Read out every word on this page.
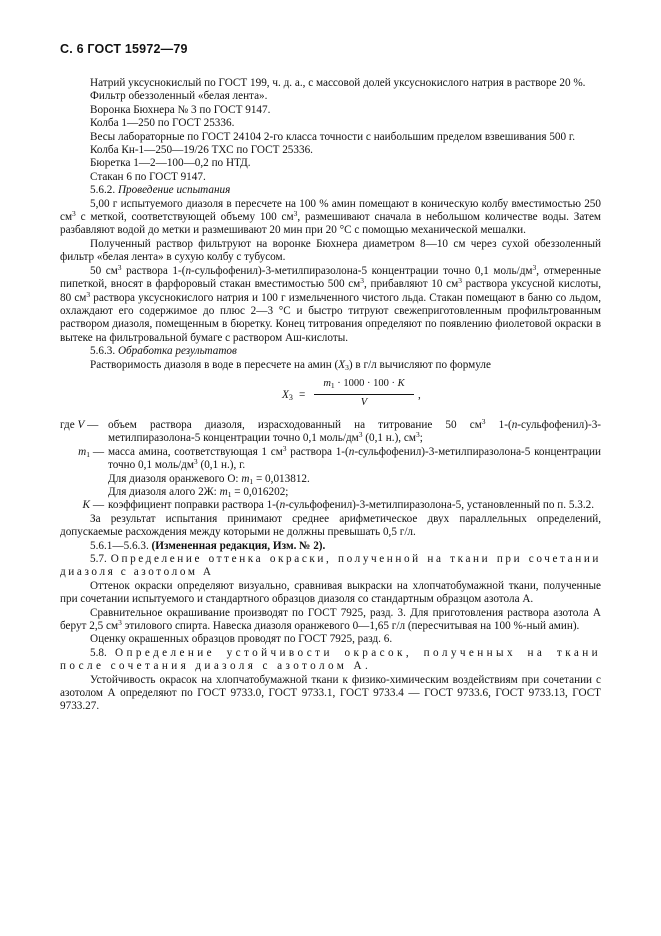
С. 6 ГОСТ 15972—79

Натрий уксуснокислый по ГОСТ 199, ч. д. а., с массовой долей уксуснокислого натрия в растворе 20 %.

Фильтр обеззоленный «белая лента».

Воронка Бюхнера № 3 по ГОСТ 9147.

Колба 1—250 по ГОСТ 25336.

Весы лабораторные по ГОСТ 24104 2-го класса точности с наибольшим пределом взвешивания 500 г.

Колба Кн-1—250—19/26 ТХС по ГОСТ 25336.

Бюретка 1—2—100—0,2 по НТД.

Стакан 6 по ГОСТ 9147.

5.6.2. Проведение испытания

5,00 г испытуемого диазоля в пересчете на 100 % амин помещают в коническую колбу вместимостью 250 $см^3$ с меткой, соответствующей объему 100 $см^3$, размешивают сначала в небольшом количестве воды. Затем разбавляют водой до метки и размешивают 20 мин при 20 °С с помощью механической мешалки.

Полученный раствор фильтруют на воронке Бюхнера диаметром 8—10 см через сухой обеззоленный фильтр «белая лента» в сухую колбу с тубусом.

50 $см^3$ раствора 1-(п-сульфофенил)-3-метилпиразолона-5 концентрации точно 0,1 моль/$дм^3$, отмеренные пипеткой, вносят в фарфоровый стакан вместимостью 500 $см^3$, прибавляют 10 $см^3$ раствора уксусной кислоты, 80 $см^3$ раствора уксуснокислого натрия и 100 г измельченного чистого льда. Стакан помещают в баню со льдом, охлаждают его содержимое до плюс 2—3 °С и быстро титруют свежеприготовленным профильтрованным раствором диазоля, помещенным в бюретку. Конец титрования определяют по появлению фиолетовой окраски в вытеке на фильтровальной бумаге с раствором Аш-кислоты.

5.6.3. Обработка результатов

Растворимость диазоля в воде в пересчете на амин $(X_3)$ в г/л вычисляют по формуле

$X_3$ =
$m_1 \cdot 1000 \cdot 100 \cdot K$
V
,
где V — объем раствора диазоля, израсходованный на титрование 50 $см^3$ 1-(п-сульфофенил)-3-метилпиразолона-5 концентрации точно 0,1 моль/$дм^3$ (0,1 н.), $см^3$;
$m_1$ — масса амина, соответствующая 1 $см^3$ раствора 1-(п-сульфофенил)-3-метилпиразолона-5 концентрации точно 0,1 моль/$дм^3$ (0,1 н.), г.
Для диазоля оранжевого О: $m_1 = 0,013812$.
Для диазоля алого 2Ж: $m_1 = 0,016202$;
K — коэффициент поправки раствора 1-(п-сульфофенил)-3-метилпиразолона-5, установленный по п. 5.3.2.

За результат испытания принимают среднее арифметическое двух параллельных определений, допускаемые расхождения между которыми не должны превышать 0,5 г/л.

5.6.1—5.6.3. (Измененная редакция, Изм. № 2).

5.7. Определение оттенка окраски, полученной на ткани при сочетании диазоля с азотолом А

Оттенок окраски определяют визуально, сравнивая выкраски на хлопчатобумажной ткани, полученные при сочетании испытуемого и стандартного образцов диазоля со стандартным образцом азотола А.

Сравнительное окрашивание производят по ГОСТ 7925, разд. 3. Для приготовления раствора азотола А берут 2,5 $см^3$ этилового спирта. Навеска диазоля оранжевого 0—1,65 г/л (пересчитывая на 100 %-ный амин).

Оценку окрашенных образцов проводят по ГОСТ 7925, разд. 6.

5.8. Определение устойчивости окрасок, полученных на ткани после сочетания диазоля с азотолом А.

Устойчивость окрасок на хлопчатобумажной ткани к физико-химическим воздействиям при сочетании с азотолом А определяют по ГОСТ 9733.0, ГОСТ 9733.1, ГОСТ 9733.4 — ГОСТ 9733.6, ГОСТ 9733.13, ГОСТ 9733.27.
